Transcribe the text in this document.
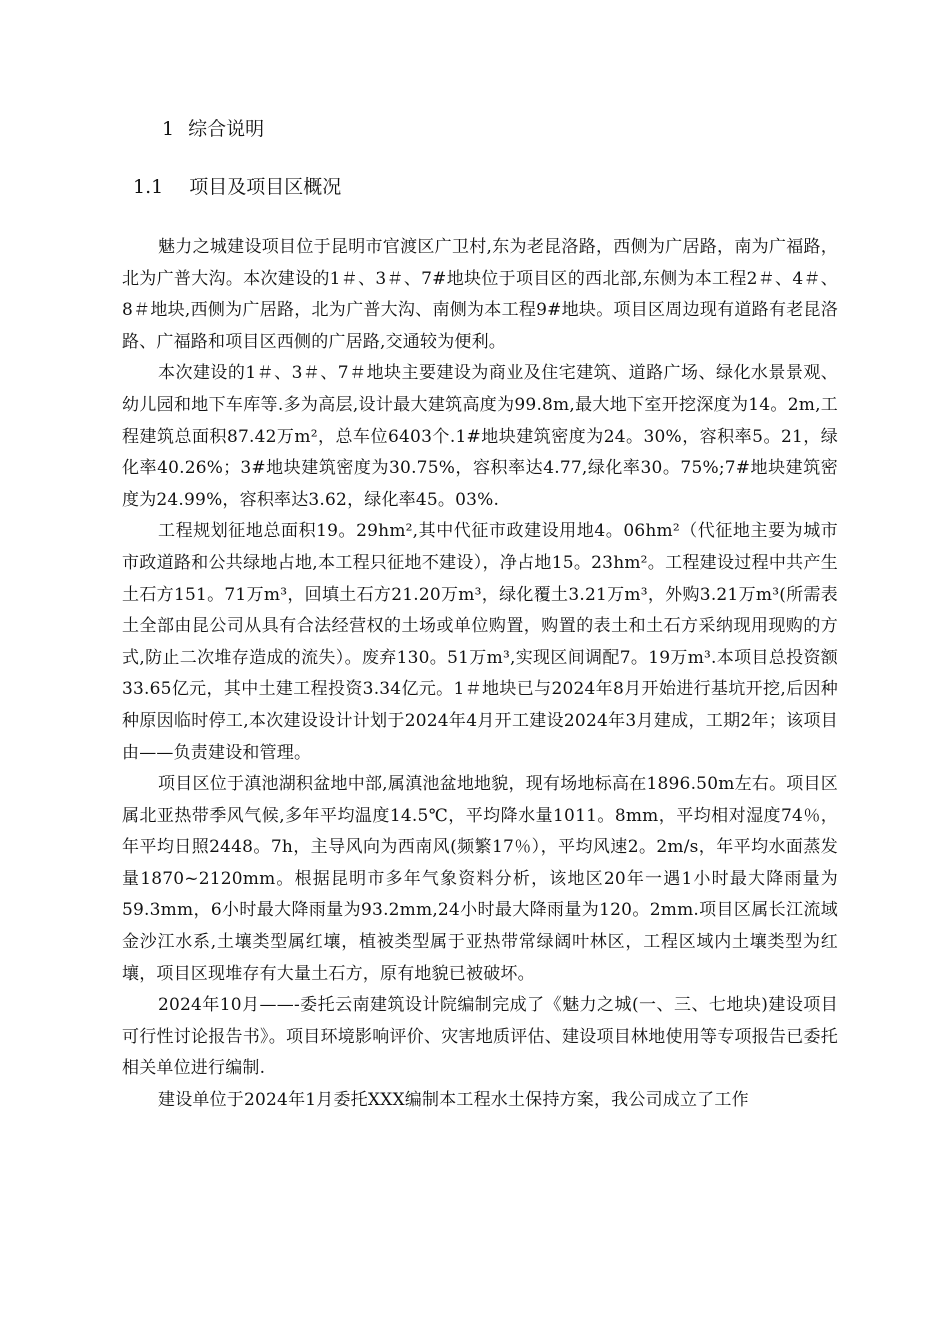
1 综合说明
1.1 项目及项目区概况

魅力之城建设项目位于昆明市官渡区广卫村,东为老昆洛路，西侧为广居路，南为广福路，北为广普大沟。本次建设的1＃、3＃、7#地块位于项目区的西北部,东侧为本工程2＃、4＃、8＃地块,西侧为广居路，北为广普大沟、南侧为本工程9#地块。项目区周边现有道路有老昆洛路、广福路和项目区西侧的广居路,交通较为便利。

本次建设的1＃、3＃、7＃地块主要建设为商业及住宅建筑、道路广场、绿化水景景观、幼儿园和地下车库等.多为高层,设计最大建筑高度为99.8m,最大地下室开挖深度为14。2m,工程建筑总面积87.42万m²，总车位6403个.1#地块建筑密度为24。30%，容积率5。21，绿化率40.26%；3#地块建筑密度为30.75%，容积率达4.77,绿化率30。75%;7#地块建筑密度为24.99%，容积率达3.62，绿化率45。03%.

工程规划征地总面积19。29hm²,其中代征市政建设用地4。06hm²（代征地主要为城市市政道路和公共绿地占地,本工程只征地不建设），净占地15。23hm²。工程建设过程中共产生土石方151。71万m³，回填土石方21.20万m³，绿化覆土3.21万m³，外购3.21万m³(所需表土全部由昆公司从具有合法经营权的土场或单位购置，购置的表土和土石方采纳现用现购的方式,防止二次堆存造成的流失）。废弃130。51万m³,实现区间调配7。19万m³.本项目总投资额33.65亿元，其中土建工程投资3.34亿元。1＃地块已与2024年8月开始进行基坑开挖,后因种种原因临时停工,本次建设设计计划于2024年4月开工建设2024年3月建成，工期2年；该项目由——负责建设和管理。

项目区位于滇池湖积盆地中部,属滇池盆地地貌，现有场地标高在1896.50m左右。项目区属北亚热带季风气候,多年平均温度14.5℃，平均降水量1011。8mm，平均相对湿度74％，年平均日照2448。7h，主导风向为西南风(频繁17％），平均风速2。2m/s，年平均水面蒸发量1870~2120mm。根据昆明市多年气象资料分析，该地区20年一遇1小时最大降雨量为59.3mm，6小时最大降雨量为93.2mm,24小时最大降雨量为120。2mm.项目区属长江流域金沙江水系,土壤类型属红壤，植被类型属于亚热带常绿阔叶林区，工程区域内土壤类型为红壤，项目区现堆存有大量土石方，原有地貌已被破坏。

2024年10月——-委托云南建筑设计院编制完成了《魅力之城(一、三、七地块)建设项目可行性讨论报告书》。项目环境影响评价、灾害地质评估、建设项目林地使用等专项报告已委托相关单位进行编制.

建设单位于2024年1月委托XXX编制本工程水土保持方案，我公司成立了工作
